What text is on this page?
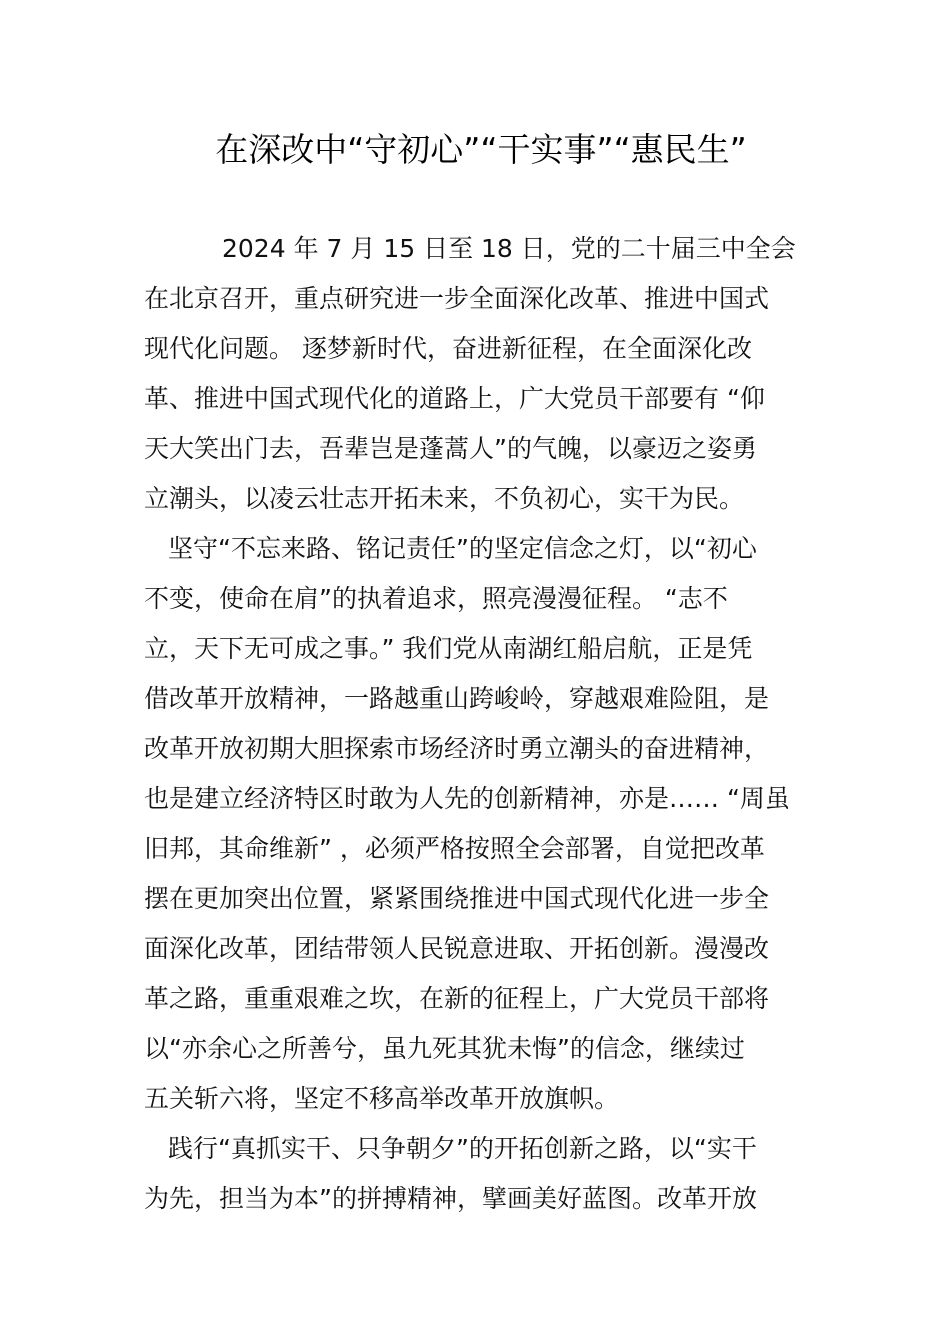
在深改中“守初心”“干实事”“惠民生”

2024 年 7 月 15 日至 18 日，党的二十届三中全会

在北京召开，重点研究进一步全面深化改革、推进中国式

现代化问题。 逐梦新时代，奋进新征程，在全面深化改

革、推进中国式现代化的道路上，广大党员干部要有 “仰

天大笑出门去，吾辈岂是蓬蒿人”的气魄，以豪迈之姿勇

立潮头，以凌云壮志开拓未来，不负初心，实干为民。

坚守“不忘来路、铭记责任”的坚定信念之灯，以“初心

不变，使命在肩”的执着追求，照亮漫漫征程。 “志不

立，天下无可成之事。” 我们党从南湖红船启航，正是凭

借改革开放精神，一路越重山跨峻岭，穿越艰难险阻，是

改革开放初期大胆探索市场经济时勇立潮头的奋进精神，

也是建立经济特区时敢为人先的创新精神，亦是…… “周虽

旧邦，其命维新” ，必须严格按照全会部署，自觉把改革

摆在更加突出位置，紧紧围绕推进中国式现代化进一步全

面深化改革，团结带领人民锐意进取、开拓创新。漫漫改

革之路，重重艰难之坎，在新的征程上，广大党员干部将

以“亦余心之所善兮，虽九死其犹未悔”的信念，继续过

五关斩六将，坚定不移高举改革开放旗帜。

践行“真抓实干、只争朝夕”的开拓创新之路，以“实干

为先，担当为本”的拼搏精神，擘画美好蓝图。改革开放
